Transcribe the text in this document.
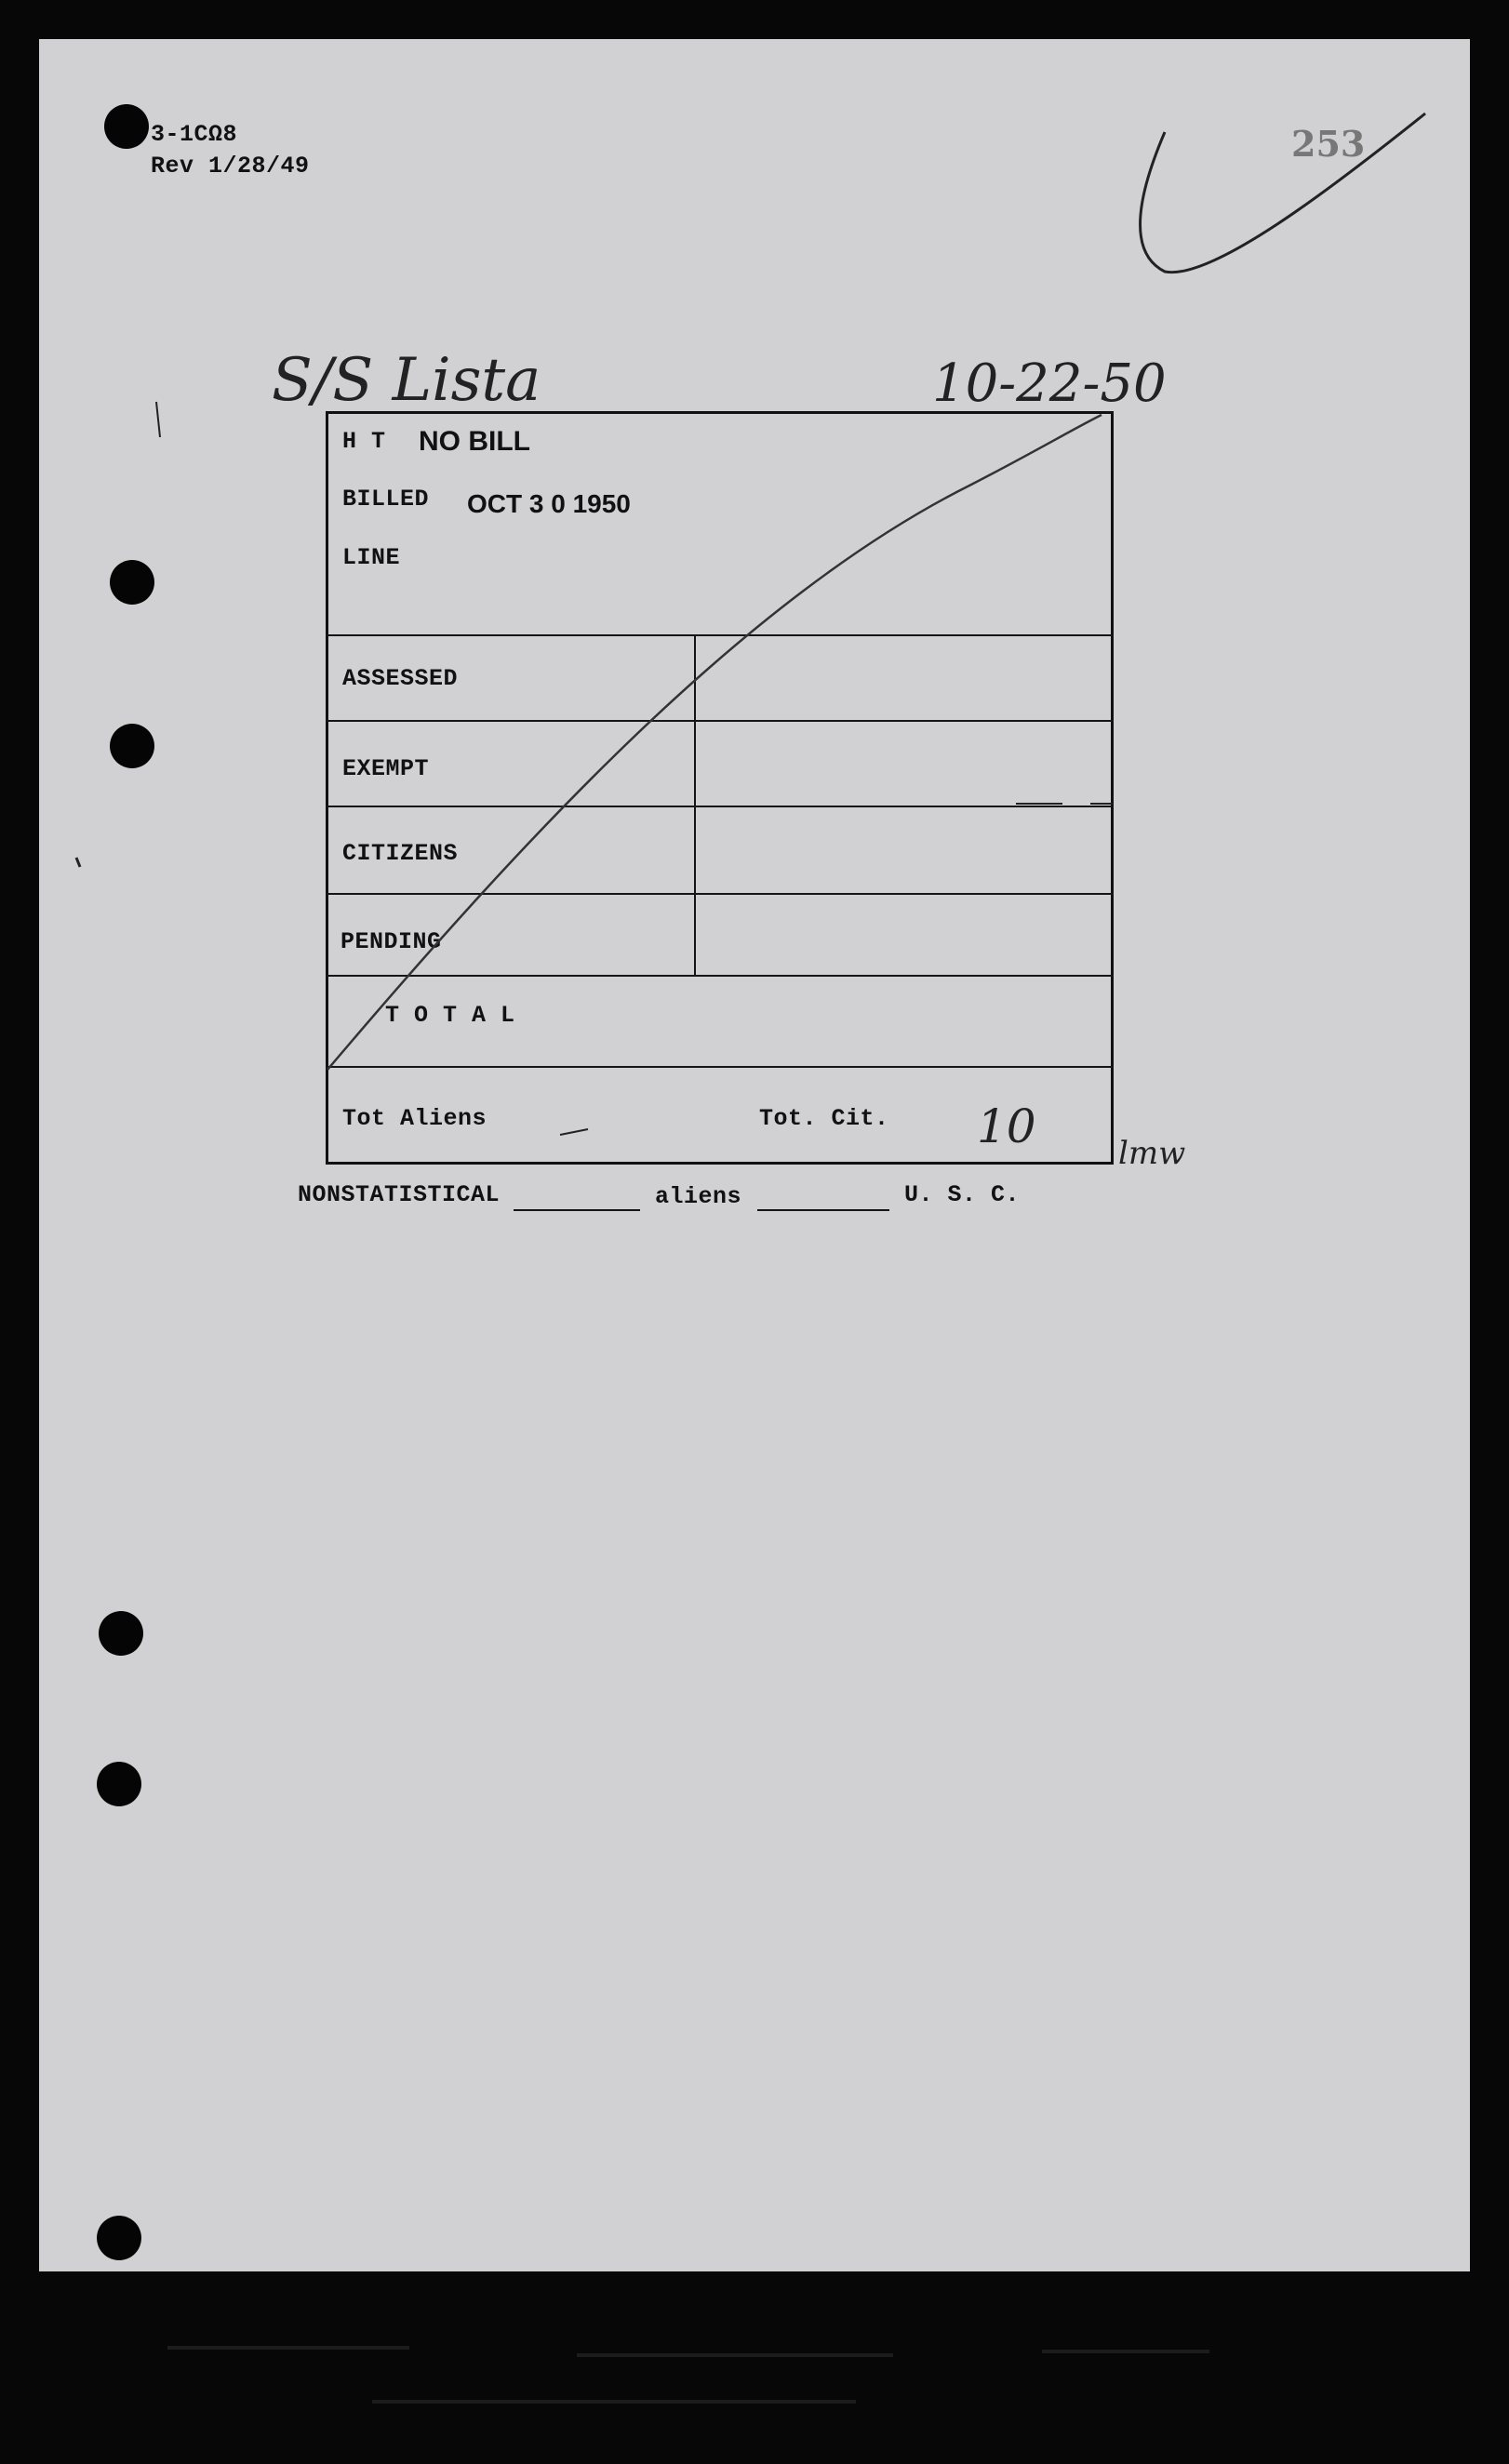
3-1CΩ8
Rev 1/28/49
253
S/S Lista	10-22-50
H T NO BILL
BILLED OCT 3 0 1950
LINE
ASSESSED
EXEMPT
CITIZENS
PENDING
T O T A L
Tot Aliens	Tot. Cit. 10	lmw
NONSTATISTICAL	aliens	U. S. C.
